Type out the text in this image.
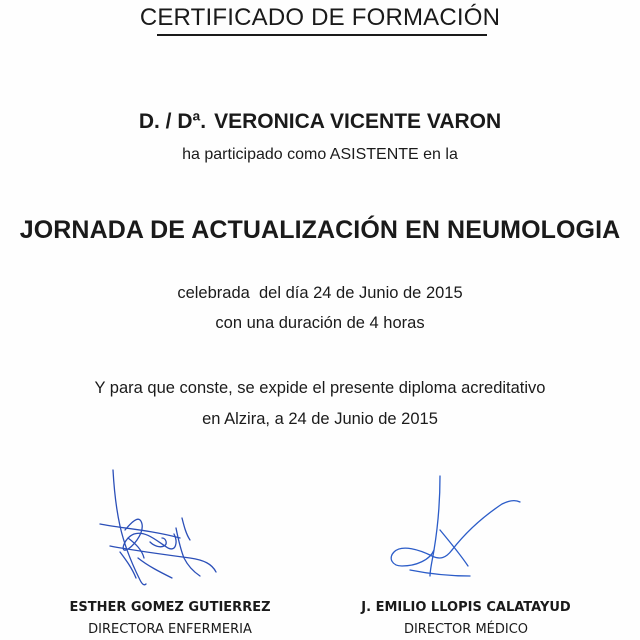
CERTIFICADO DE FORMACIÓN
D. / Dª. VERONICA VICENTE VARON
ha participado como ASISTENTE en la
JORNADA DE ACTUALIZACIÓN EN NEUMOLOGIA
celebrada  del día 24 de Junio de 2015
con una duración de 4 horas
Y para que conste, se expide el presente diploma acreditativo
en Alzira, a 24 de Junio de 2015
ESTHER GOMEZ GUTIERREZ
DIRECTORA ENFERMERIA
J. EMILIO LLOPIS CALATAYUD
DIRECTOR MÉDICO
